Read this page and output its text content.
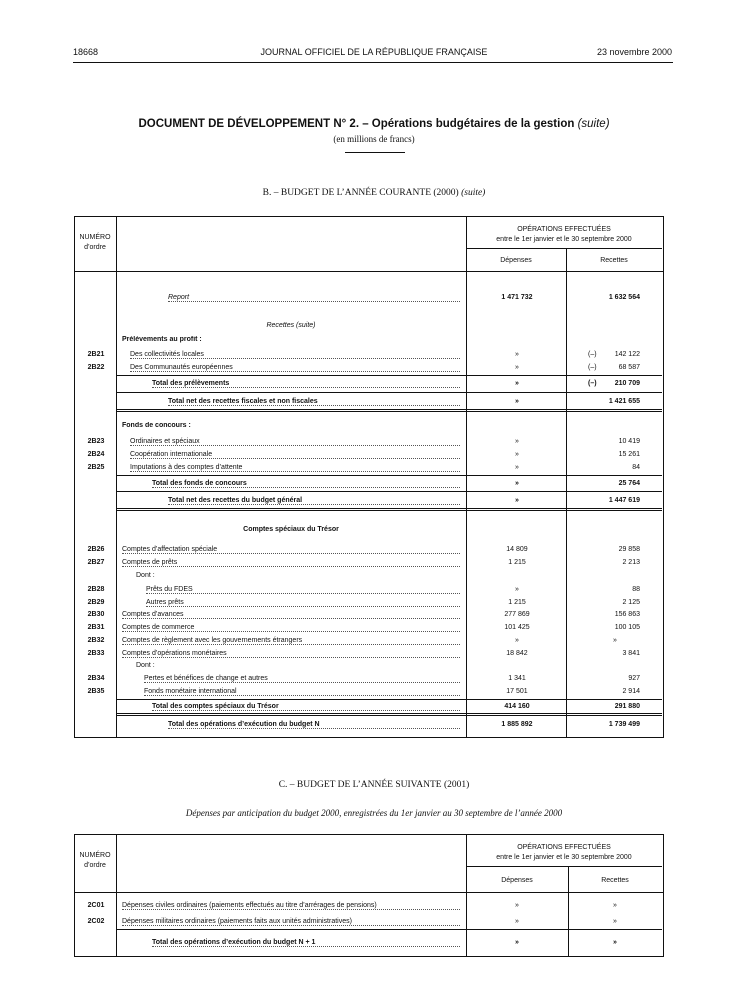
18668	JOURNAL OFFICIEL DE LA RÉPUBLIQUE FRANÇAISE	23 novembre 2000
DOCUMENT DE DÉVELOPPEMENT N° 2. – Opérations budgétaires de la gestion (suite)
(en millions de francs)
B. – BUDGET DE L’ANNÉE COURANTE (2000) (suite)
NUMÉRO
d’ordre
OPÉRATIONS EFFECTUÉES
entre le 1er janvier et le 30 septembre 2000
Dépenses	Recettes
Report	1 471 732	1 632 564
Recettes (suite)
Prélèvements au profit :
2B21	Des collectivités locales	»	(–)	142 122
2B22	Des Communautés européennes	»	(–)	68 587
Total des prélèvements	»	(–)	210 709
Total net des recettes fiscales et non fiscales	»	1 421 655
Fonds de concours :
2B23	Ordinaires et spéciaux	»	10 419
2B24	Coopération internationale	»	15 261
2B25	Imputations à des comptes d’attente	»	84
Total des fonds de concours	»	25 764
Total net des recettes du budget général	»	1 447 619
Comptes spéciaux du Trésor
2B26	Comptes d’affectation spéciale	14 809	29 858
2B27	Comptes de prêts	1 215	2 213
Dont :
2B28	Prêts du FDES	»	88
2B29	Autres prêts	1 215	2 125
2B30	Comptes d’avances	277 869	156 863
2B31	Comptes de commerce	101 425	100 105
2B32	Comptes de règlement avec les gouvernements étrangers	»	»
2B33	Comptes d’opérations monétaires	18 842	3 841
Dont :
2B34	Pertes et bénéfices de change et autres	1 341	927
2B35	Fonds monétaire international	17 501	2 914
Total des comptes spéciaux du Trésor	414 160	291 880
Total des opérations d’exécution du budget N	1 885 892	1 739 499
C. – BUDGET DE L’ANNÉE SUIVANTE (2001)
Dépenses par anticipation du budget 2000, enregistrées du 1er janvier au 30 septembre de l’année 2000
NUMÉRO
d’ordre
OPÉRATIONS EFFECTUÉES
entre le 1er janvier et le 30 septembre 2000
Dépenses	Recettes
2C01	Dépenses civiles ordinaires (paiements effectués au titre d’arrérages de pensions)	»	»
2C02	Dépenses militaires ordinaires (paiements faits aux unités administratives)	»	»
Total des opérations d’exécution du budget N + 1	»	»
